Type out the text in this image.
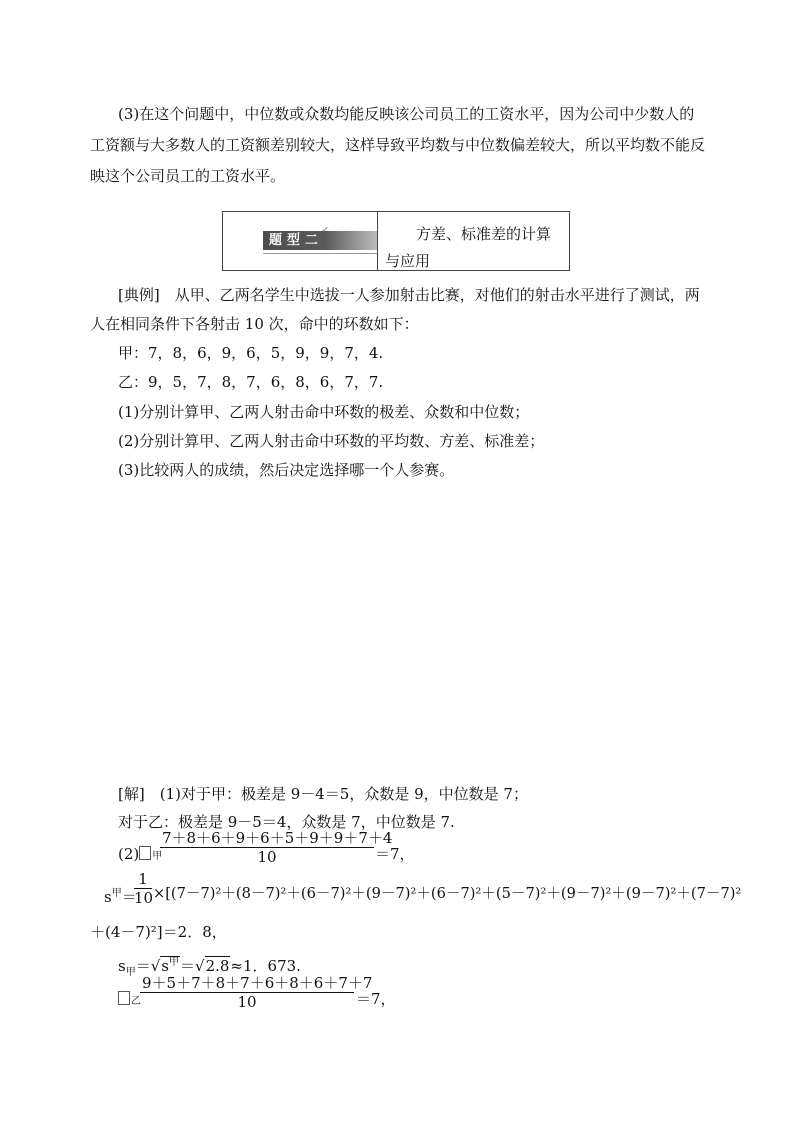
(3)在这个问题中，中位数或众数均能反映该公司员工的工资水平，因为公司中少数人的
工资额与大多数人的工资额差别较大，这样导致平均数与中位数偏差较大，所以平均数不能反
映这个公司员工的工资水平。
题型二 ✓	方差、标准差的计算
与应用
[典例]　从甲、乙两名学生中选拔一人参加射击比赛，对他们的射击水平进行了测试，两
人在相同条件下各射击 10 次，命中的环数如下：
甲：7，8，6，9，6，5，9，9，7，4.
乙：9，5，7，8，7，6，8，6，7，7.
(1)分别计算甲、乙两人射击命中环数的极差、众数和中位数；
(2)分别计算甲、乙两人射击命中环数的平均数、方差、标准差；
(3)比较两人的成绩，然后决定选择哪一个人参赛。
[解]　(1)对于甲：极差是 9－4＝5，众数是 9，中位数是 7；
对于乙：极差是 9－5＝4，众数是 7，中位数是 7.
(2) 甲
7＋8＋6＋9＋6＋5＋9＋9＋7＋4
10	＝7，
$s^甲=$
1
10 ×[(7－7)²＋(8－7)²＋(6－7)²＋(9－7)²＋(6－7)²＋(5－7)²＋(9－7)²＋(9－7)²＋(7－7)²
＋(4－7)²]＝2．8，
$s_甲=√s^甲=√2.8\approx 1$．673.
乙
9＋5＋7＋8＋7＋6＋8＋6＋7＋7
10	＝7，
